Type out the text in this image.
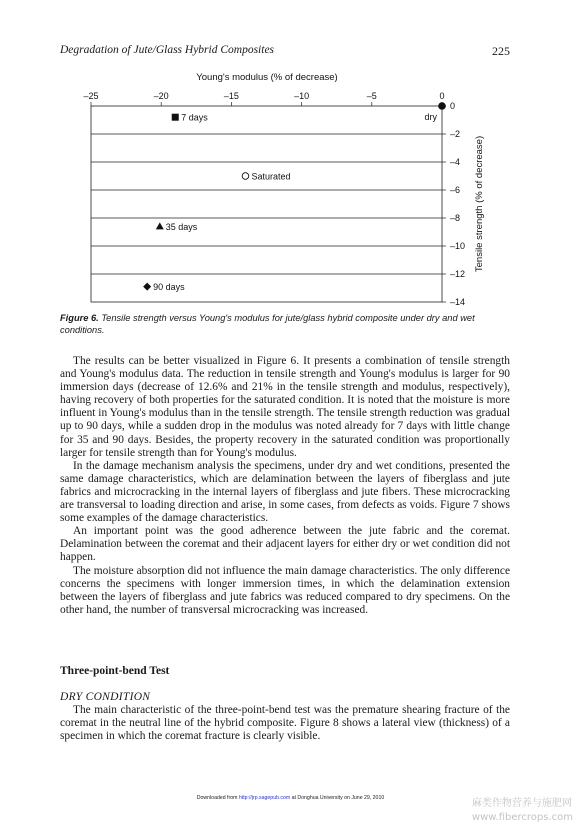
Degradation of Jute/Glass Hybrid Composites	225
Young's modulus (% of decrease)
Tensile strength (% of decrease)
–25	–20	–15	–10	–5	0
0
–2
–4
–6
–8
–10
–12
–14
dry
7 days
Saturated
35 days
90 days
Figure 6. Tensile strength versus Young's modulus for jute/glass hybrid composite under dry and wet conditions.

The results can be better visualized in Figure 6. It presents a combination of tensile strength and Young's modulus data. The reduction in tensile strength and Young's modulus is larger for 90 immersion days (decrease of 12.6% and 21% in the tensile strength and modulus, respectively), having recovery of both properties for the saturated condition. It is noted that the moisture is more influent in Young's modulus than in the tensile strength. The tensile strength reduction was gradual up to 90 days, while a sudden drop in the modulus was noted already for 7 days with little change for 35 and 90 days. Besides, the property recovery in the saturated condition was proportionally larger for tensile strength than for Young's modulus.

In the damage mechanism analysis the specimens, under dry and wet conditions, presented the same damage characteristics, which are delamination between the layers of fiberglass and jute fabrics and microcracking in the internal layers of fiberglass and jute fibers. These microcracking are transversal to loading direction and arise, in some cases, from defects as voids. Figure 7 shows some examples of the damage characteristics.

An important point was the good adherence between the jute fabric and the coremat. Delamination between the coremat and their adjacent layers for either dry or wet condition did not happen.

The moisture absorption did not influence the main damage characteristics. The only difference concerns the specimens with longer immersion times, in which the delamination extension between the layers of fiberglass and jute fabrics was reduced compared to dry specimens. On the other hand, the number of transversal microcracking was increased.

Three-point-bend Test
DRY CONDITION

The main characteristic of the three-point-bend test was the premature shearing fracture of the coremat in the neutral line of the hybrid composite. Figure 8 shows a lateral view (thickness) of a specimen in which the coremat fracture is clearly visible.

Downloaded from http://jrp.sagepub.com at Donghua University on June 29, 2010	麻类作物营养与施肥网
www.fibercrops.com
